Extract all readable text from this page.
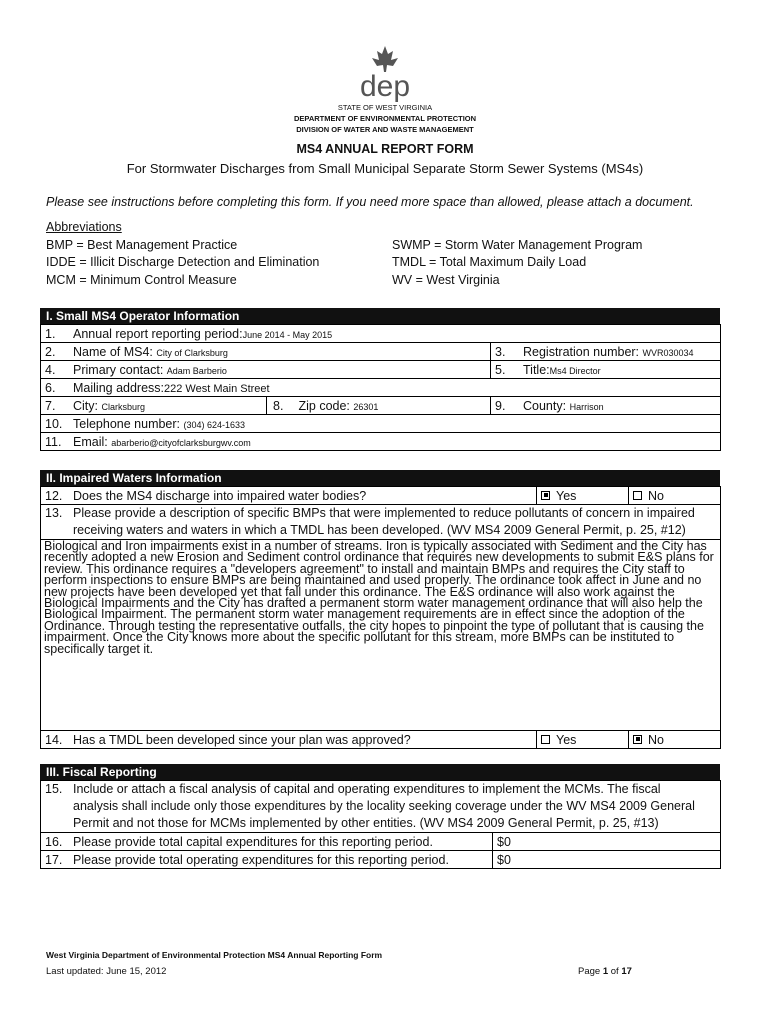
dep
STATE OF WEST VIRGINIA
DEPARTMENT OF ENVIRONMENTAL PROTECTION
DIVISION OF WATER AND WASTE MANAGEMENT
MS4 ANNUAL REPORT FORM
For Stormwater Discharges from Small Municipal Separate Storm Sewer Systems (MS4s)
Please see instructions before completing this form. If you need more space than allowed, please attach a document.
Abbreviations
BMP = Best Management Practice
IDDE = Illicit Discharge Detection and Elimination
MCM = Minimum Control Measure
SWMP = Storm Water Management Program
TMDL = Total Maximum Daily Load
WV = West Virginia
I. Small MS4 Operator Information
1. Annual report reporting period:June 2014 - May 2015		
2. Name of MS4: City of Clarksburg		3. Registration number: WVR030034
4. Primary contact: Adam Barberio		5. Title:Ms4 Director
6. Mailing address:222 West Main Street		
7. City: Clarksburg	8. Zip code: 26301	9. County: Harrison
10. Telephone number: (304) 624-1633		
11. Email: abarberio@cityofclarksburgwv.com		
II. Impaired Waters Information
12. Does the MS4 discharge into impaired water bodies?	Yes	No
13. Please provide a description of specific BMPs that were implemented to reduce pollutants of concern in impaired
receiving waters and waters in which a TMDL has been developed. (WV MS4 2009 General Permit, p. 25, #12)		
Biological and Iron impairments exist in a number of streams. Iron is typically associated with Sediment and the City has recently adopted a new Erosion and Sediment control ordinance that requires new developments to submit E&S plans for review. This ordinance requires a "developers agreement" to install and maintain BMPs and requires the City staff to perform inspections to ensure BMPs are being maintained and used properly. The ordinance took affect in June and no new projects have been developed yet that fall under this ordinance. The E&S ordinance will also work against the Biological Impairments and the City has drafted a permanent storm water management ordinance that will also help the Biological Impairment. The permanent storm water management requirements are in effect since the adoption of the Ordinance. Through testing the representative outfalls, the city hopes to pinpoint the type of pollutant that is causing the impairment. Once the City knows more about the specific pollutant for this stream, more BMPs can be instituted to specifically target it.		
14. Has a TMDL been developed since your plan was approved?	Yes	No
III. Fiscal Reporting
15. Include or attach a fiscal analysis of capital and operating expenditures to implement the MCMs. The fiscal
analysis shall include only those expenditures by the locality seeking coverage under the WV MS4 2009 General
Permit and not those for MCMs implemented by other entities. (WV MS4 2009 General Permit, p. 25, #13)	
16. Please provide total capital expenditures for this reporting period.	$0
17. Please provide total operating expenditures for this reporting period.	$0
West Virginia Department of Environmental Protection MS4 Annual Reporting Form
Last updated: June 15, 2012	Page 1 of 17
